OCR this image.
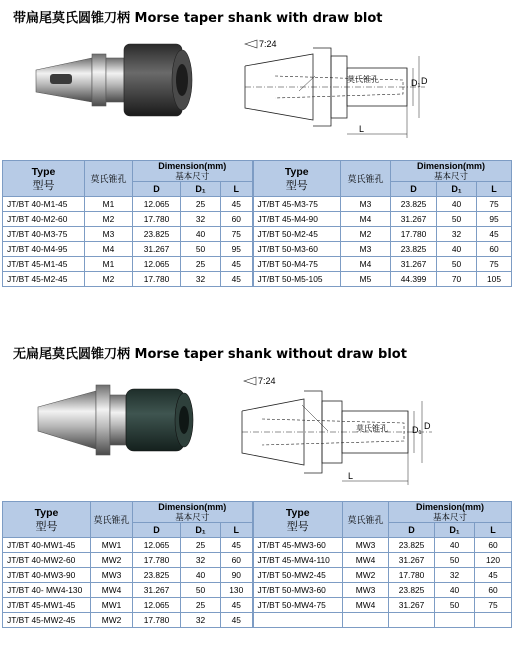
带扁尾莫氏圆锥刀柄 Morse taper shank with draw blot
7:24
莫氏锥孔	D₁ D
L
Type
型号	莫氏锥孔	Dimension(mm)
基本尺寸			Type
型号	莫氏锥孔	Dimension(mm)
基本尺寸		

		D	D₁	L			D	D₁	L
JT/BT 40-M1-45	M1	12.065	25	45	JT/BT 45-M3-75	M3	23.825	40	75
JT/BT 40-M2-60	M2	17.780	32	60	JT/BT 45-M4-90	M4	31.267	50	95
JT/BT 40-M3-75	M3	23.825	40	75	JT/BT 50-M2-45	M2	17.780	32	45
JT/BT 40-M4-95	M4	31.267	50	95	JT/BT 50-M3-60	M3	23.825	40	60
JT/BT 45-M1-45	M1	12.065	25	45	JT/BT 50-M4-75	M4	31.267	50	75
JT/BT 45-M2-45	M2	17.780	32	45	JT/BT 50-M5-105	M5	44.399	70	105
无扁尾莫氏圆锥刀柄 Morse taper shank without draw blot
7:24
莫氏锥孔	D₁ D
L
Type
型号	莫氏锥孔	Dimension(mm)
基本尺寸			Type
型号	莫氏锥孔	Dimension(mm)
基本尺寸		

		D	D₁	L			D	D₁	L
JT/BT 40-MW1-45	MW1	12.065	25	45	JT/BT 45-MW3-60	MW3	23.825	40	60
JT/BT 40-MW2-60	MW2	17.780	32	60	JT/BT 45-MW4-110	MW4	31.267	50	120
JT/BT 40-MW3-90	MW3	23.825	40	90	JT/BT 50-MW2-45	MW2	17.780	32	45
JT/BT 40- MW4-130	MW4	31.267	50	130	JT/BT 50-MW3-60	MW3	23.825	40	60
JT/BT 45-MW1-45	MW1	12.065	25	45	JT/BT 50-MW4-75	MW4	31.267	50	75
JT/BT 45-MW2-45	MW2	17.780	32	45					
